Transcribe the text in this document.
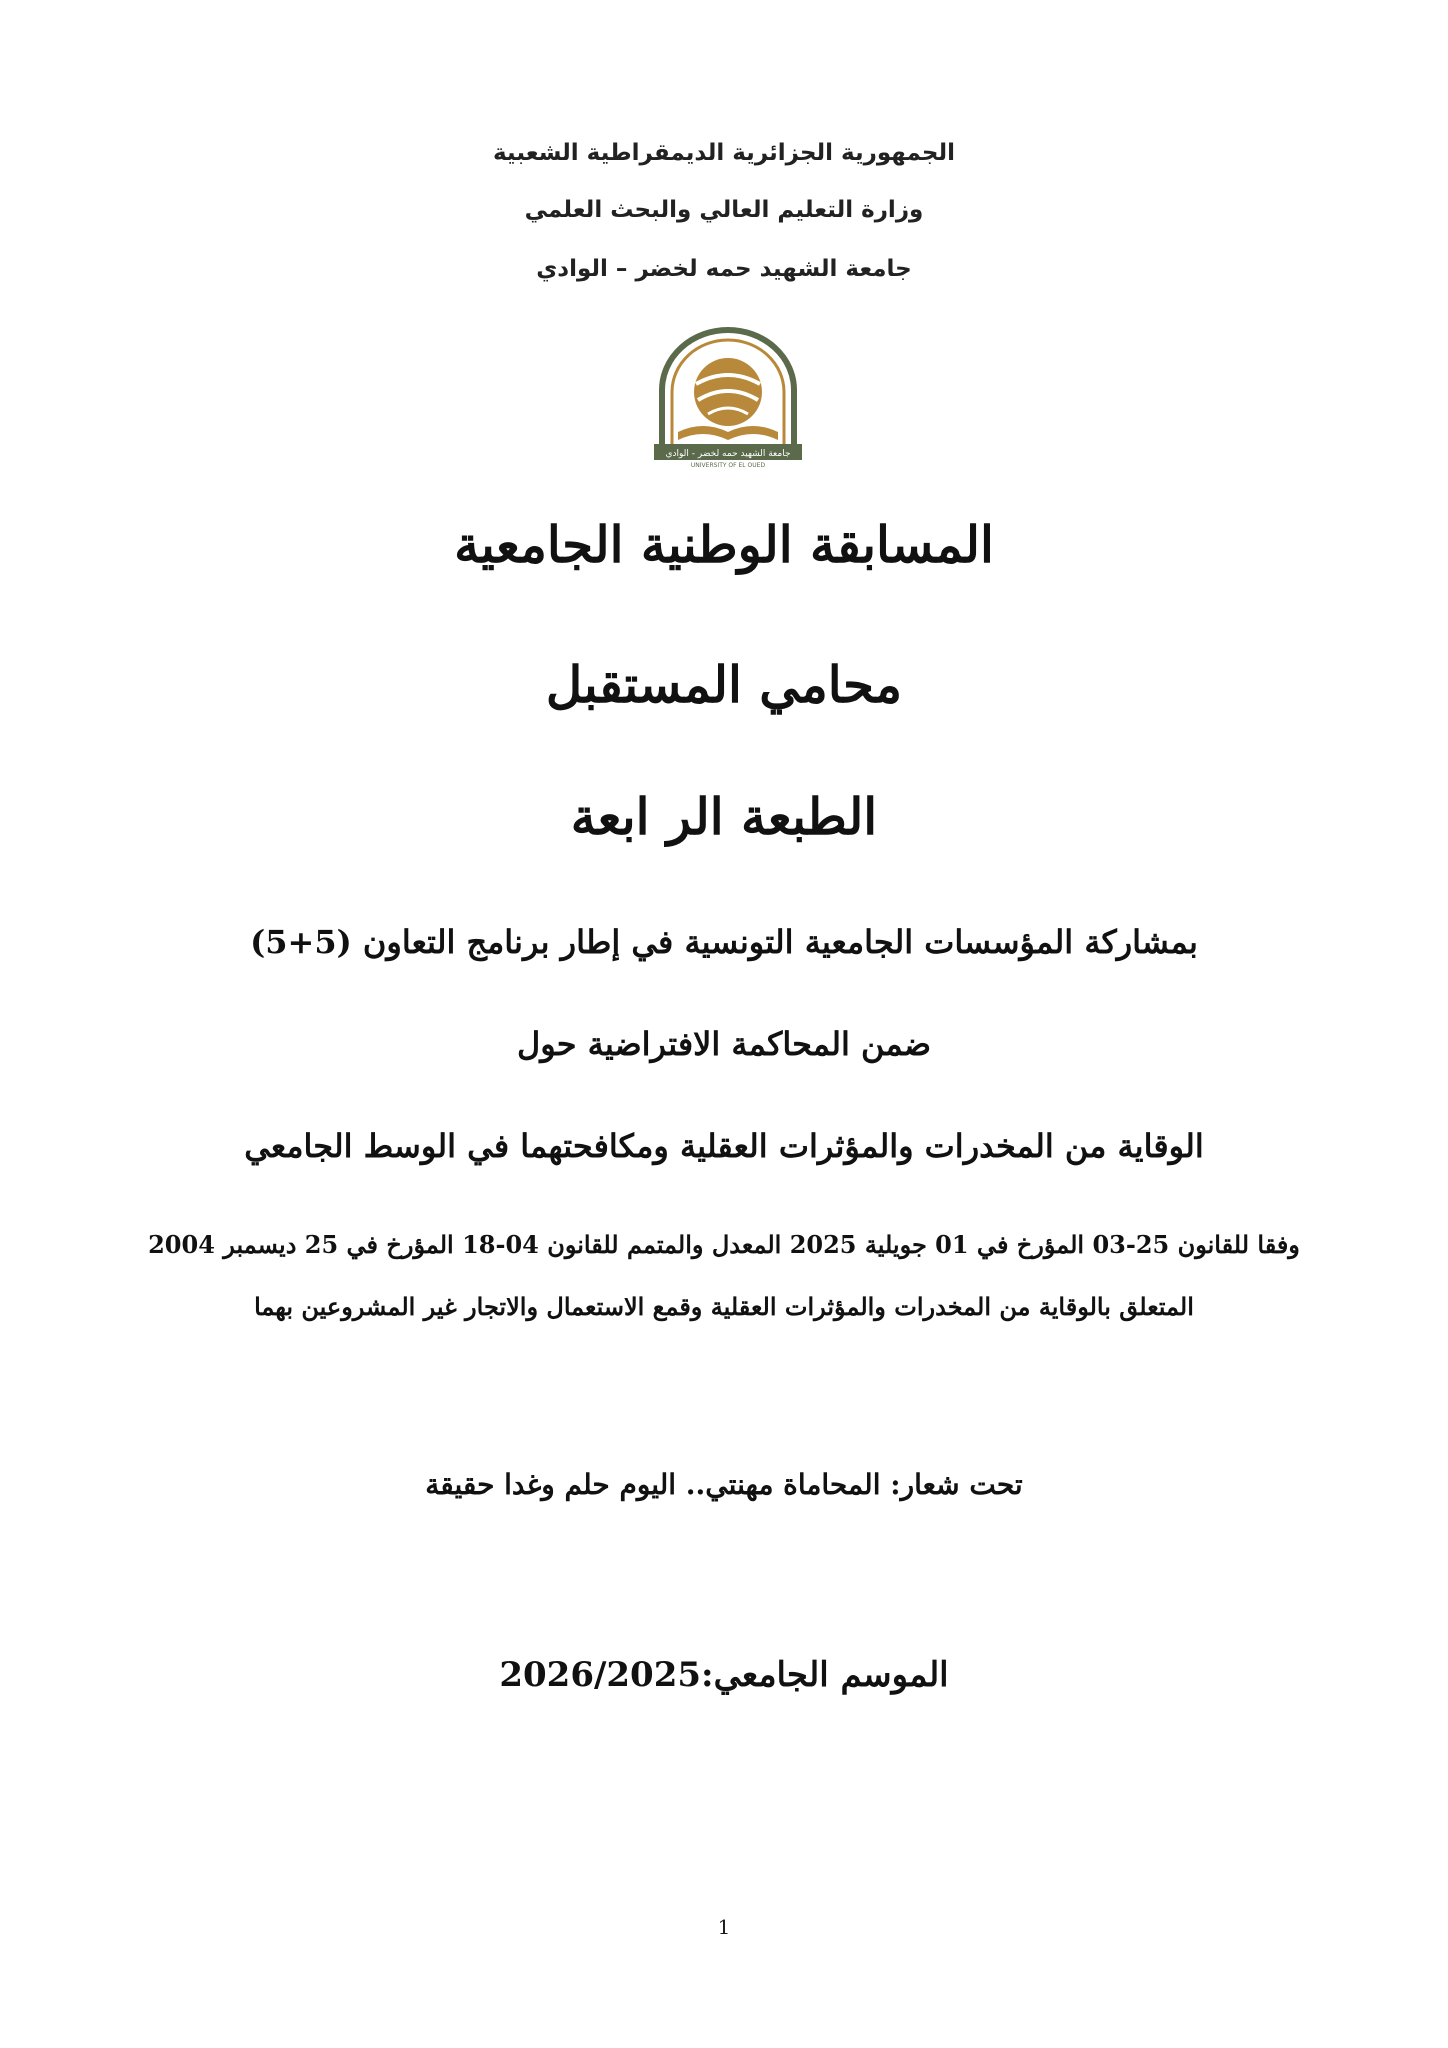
الجمهورية الجزائرية الديمقراطية الشعبية
وزارة التعليم العالي والبحث العلمي
جامعة الشهيد حمه لخضر – الوادي
جامعة الشهيد حمه لخضر - الوادي
UNIVERSITY OF EL OUED
المسابقة الوطنية الجامعية
محامي المستقبل
الطبعة الر ابعة
بمشاركة المؤسسات الجامعية التونسية في إطار برنامج التعاون (5+5)
ضمن المحاكمة الافتراضية حول
الوقاية من المخدرات والمؤثرات العقلية ومكافحتهما في الوسط الجامعي
وفقا للقانون 25-03 المؤرخ في 01 جويلية 2025 المعدل والمتمم للقانون 04-18 المؤرخ في 25 ديسمبر 2004
المتعلق بالوقاية من المخدرات والمؤثرات العقلية وقمع الاستعمال والاتجار غير المشروعين بهما
تحت شعار: المحاماة مهنتي.. اليوم حلم وغدا حقيقة
الموسم الجامعي:2026/2025
1
